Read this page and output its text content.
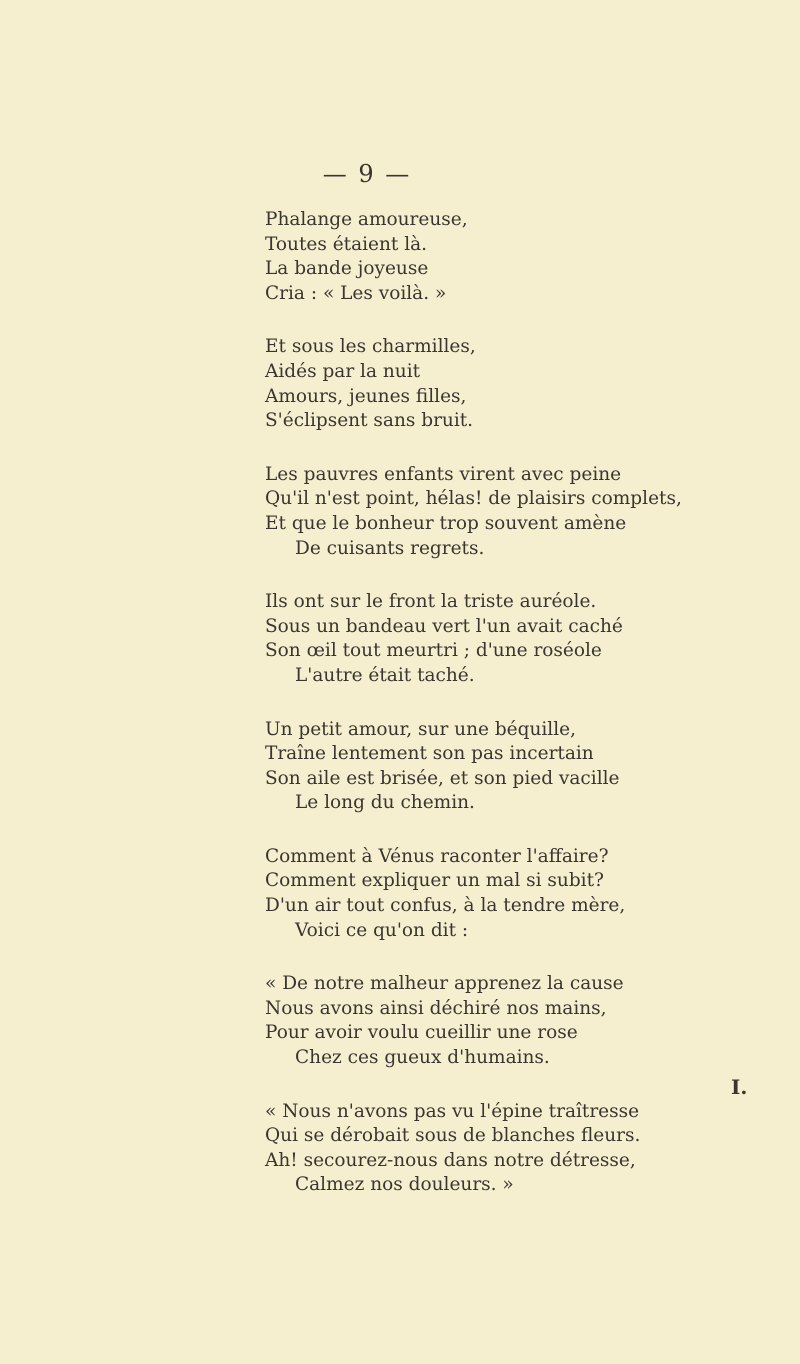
— 9 —
Phalange amoureuse,
Toutes étaient là.
La bande joyeuse
Cria : « Les voilà. »
Et sous les charmilles,
Aidés par la nuit
Amours, jeunes filles,
S'éclipsent sans bruit.
Les pauvres enfants virent avec peine
Qu'il n'est point, hélas! de plaisirs complets,
Et que le bonheur trop souvent amène
De cuisants regrets.
Ils ont sur le front la triste auréole.
Sous un bandeau vert l'un avait caché
Son œil tout meurtri ; d'une roséole
L'autre était taché.
Un petit amour, sur une béquille,
Traîne lentement son pas incertain
Son aile est brisée, et son pied vacille
Le long du chemin.
Comment à Vénus raconter l'affaire?
Comment expliquer un mal si subit?
D'un air tout confus, à la tendre mère,
Voici ce qu'on dit :
« De notre malheur apprenez la cause
Nous avons ainsi déchiré nos mains,
Pour avoir voulu cueillir une rose
Chez ces gueux d'humains.
« Nous n'avons pas vu l'épine traîtresse
Qui se dérobait sous de blanches fleurs.
Ah! secourez-nous dans notre détresse,
Calmez nos douleurs. »
I.
